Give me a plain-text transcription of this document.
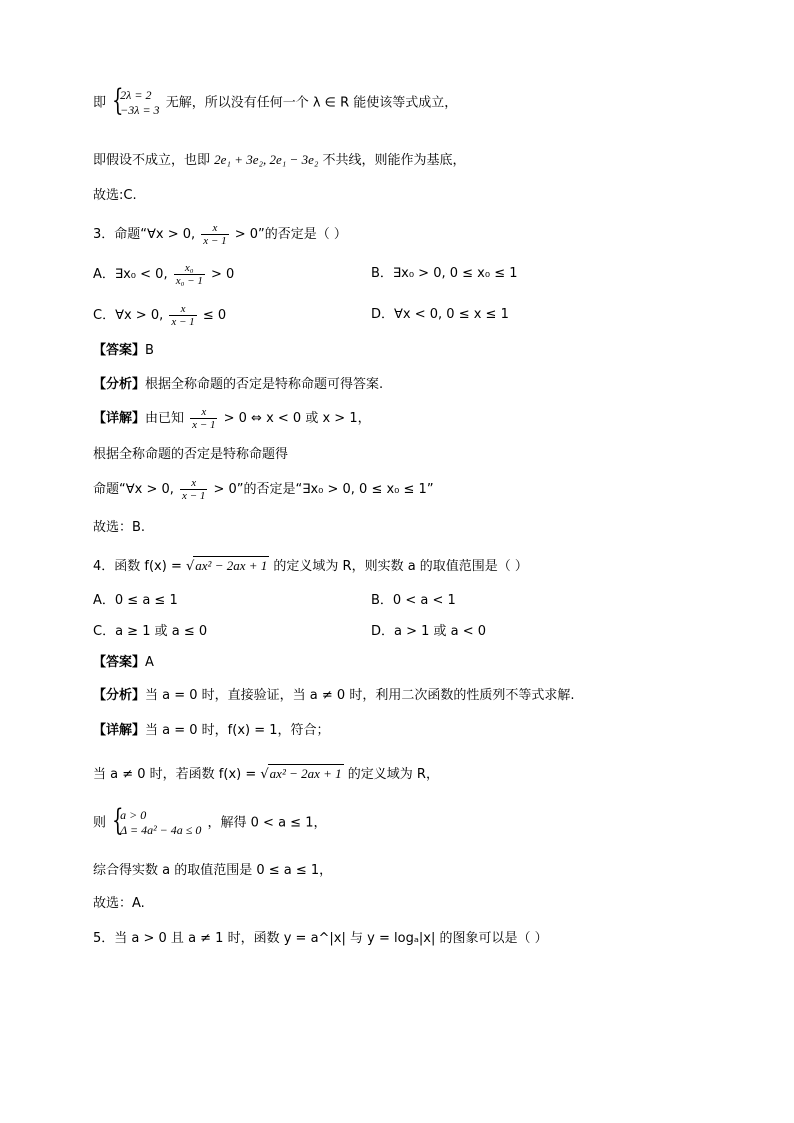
即 {
2λ = 2
−3λ = 3 无解，所以没有任何一个 λ ∈ R 能使该等式成立，
即假设不成立，也即 2e₁ + 3e₂, 2e₁ − 3e₂ 不共线，则能作为基底，
故选:C.
3．命题“∀x > 0, $\frac{x}{x - 1} > 0$”的否定是（ ）
A．∃x₀ < 0, $\frac{\text{x₀}}{\text{x₀ − 1}} > 0$	B．∃x₀ > 0, 0 ≤ x₀ ≤ 1
C．∀x > 0, $\frac{x}{x - 1} \le 0$	D．∀x < 0, 0 ≤ x ≤ 1
【答案】B
【分析】根据全称命题的否定是特称命题可得答案.
【详解】由已知 $\frac{x}{x - 1} > 0$ ⇔ x < 0 或 x > 1，
根据全称命题的否定是特称命题得
命题“∀x > 0, $\frac{x}{x - 1} > 0$”的否定是“∃x₀ > 0, 0 ≤ x₀ ≤ 1”
故选：B.
4．函数 f(x) = √ax² − 2ax + 1 的定义域为 R，则实数 a 的取值范围是（ ）
A．0 ≤ a ≤ 1	B．0 < a < 1
C．a ≥ 1 或 a ≤ 0	D．a > 1 或 a < 0
【答案】A
【分析】当 a = 0 时，直接验证，当 a ≠ 0 时，利用二次函数的性质列不等式求解.
【详解】当 a = 0 时，f(x) = 1，符合；
当 a ≠ 0 时，若函数 f(x) = √ax² − 2ax + 1 的定义域为 R，
则 {
a > 0
Δ = 4a² − 4a ≤ 0 ，解得 0 < a ≤ 1，
综合得实数 a 的取值范围是 0 ≤ a ≤ 1，
故选：A.
5．当 a > 0 且 a ≠ 1 时，函数 y = a^|x| 与 y = logₐ|x| 的图象可以是（ ）
